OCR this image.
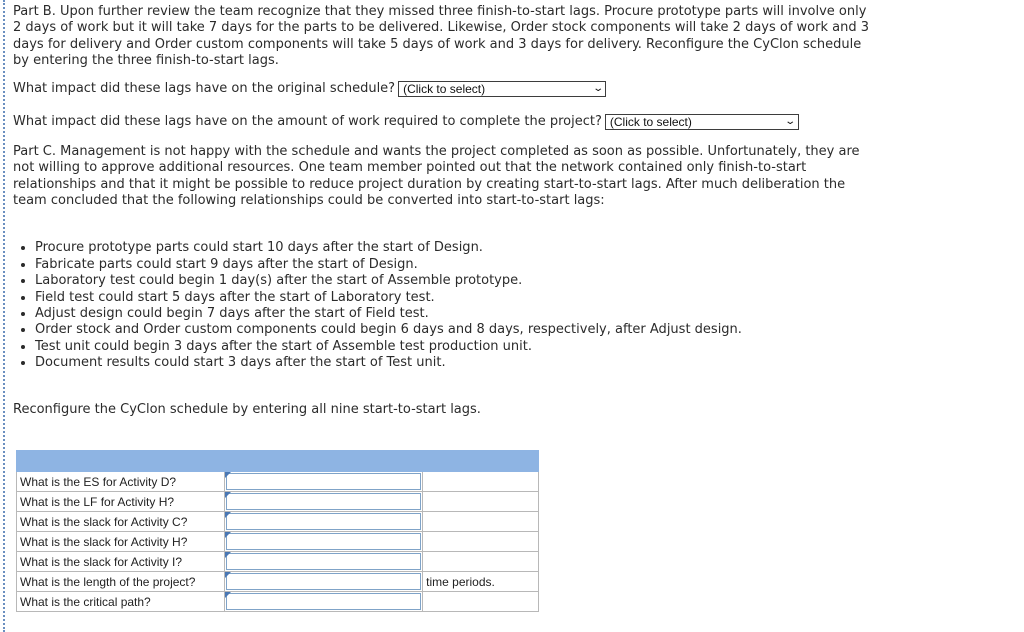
Part B. Upon further review the team recognize that they missed three finish-to-start lags. Procure prototype parts will involve only 2 days of work but it will take 7 days for the parts to be delivered. Likewise, Order stock components will take 2 days of work and 3 days for delivery and Order custom components will take 5 days of work and 3 days for delivery. Reconfigure the CyClon schedule by entering the three finish-to-start lags.

What impact did these lags have on the original schedule? (Click to select)	⌄
What impact did these lags have on the amount of work required to complete the project? (Click to select)	⌄

Part C. Management is not happy with the schedule and wants the project completed as soon as possible. Unfortunately, they are not willing to approve additional resources. One team member pointed out that the network contained only finish-to-start relationships and that it might be possible to reduce project duration by creating start-to-start lags. After much deliberation the team concluded that the following relationships could be converted into start-to-start lags:

• Procure prototype parts could start 10 days after the start of Design.
• Fabricate parts could start 9 days after the start of Design.
• Laboratory test could begin 1 day(s) after the start of Assemble prototype.
• Field test could start 5 days after the start of Laboratory test.
• Adjust design could begin 7 days after the start of Field test.
• Order stock and Order custom components could begin 6 days and 8 days, respectively, after Adjust design.
• Test unit could begin 3 days after the start of Assemble test production unit.
• Document results could start 3 days after the start of Test unit.

Reconfigure the CyClon schedule by entering all nine start-to-start lags.

What is the ES for Activity D?	

What is the LF for Activity H?	

What is the slack for Activity C?	

What is the slack for Activity H?	

What is the slack for Activity I?	

What is the length of the project?		time periods.
What is the critical path?	
